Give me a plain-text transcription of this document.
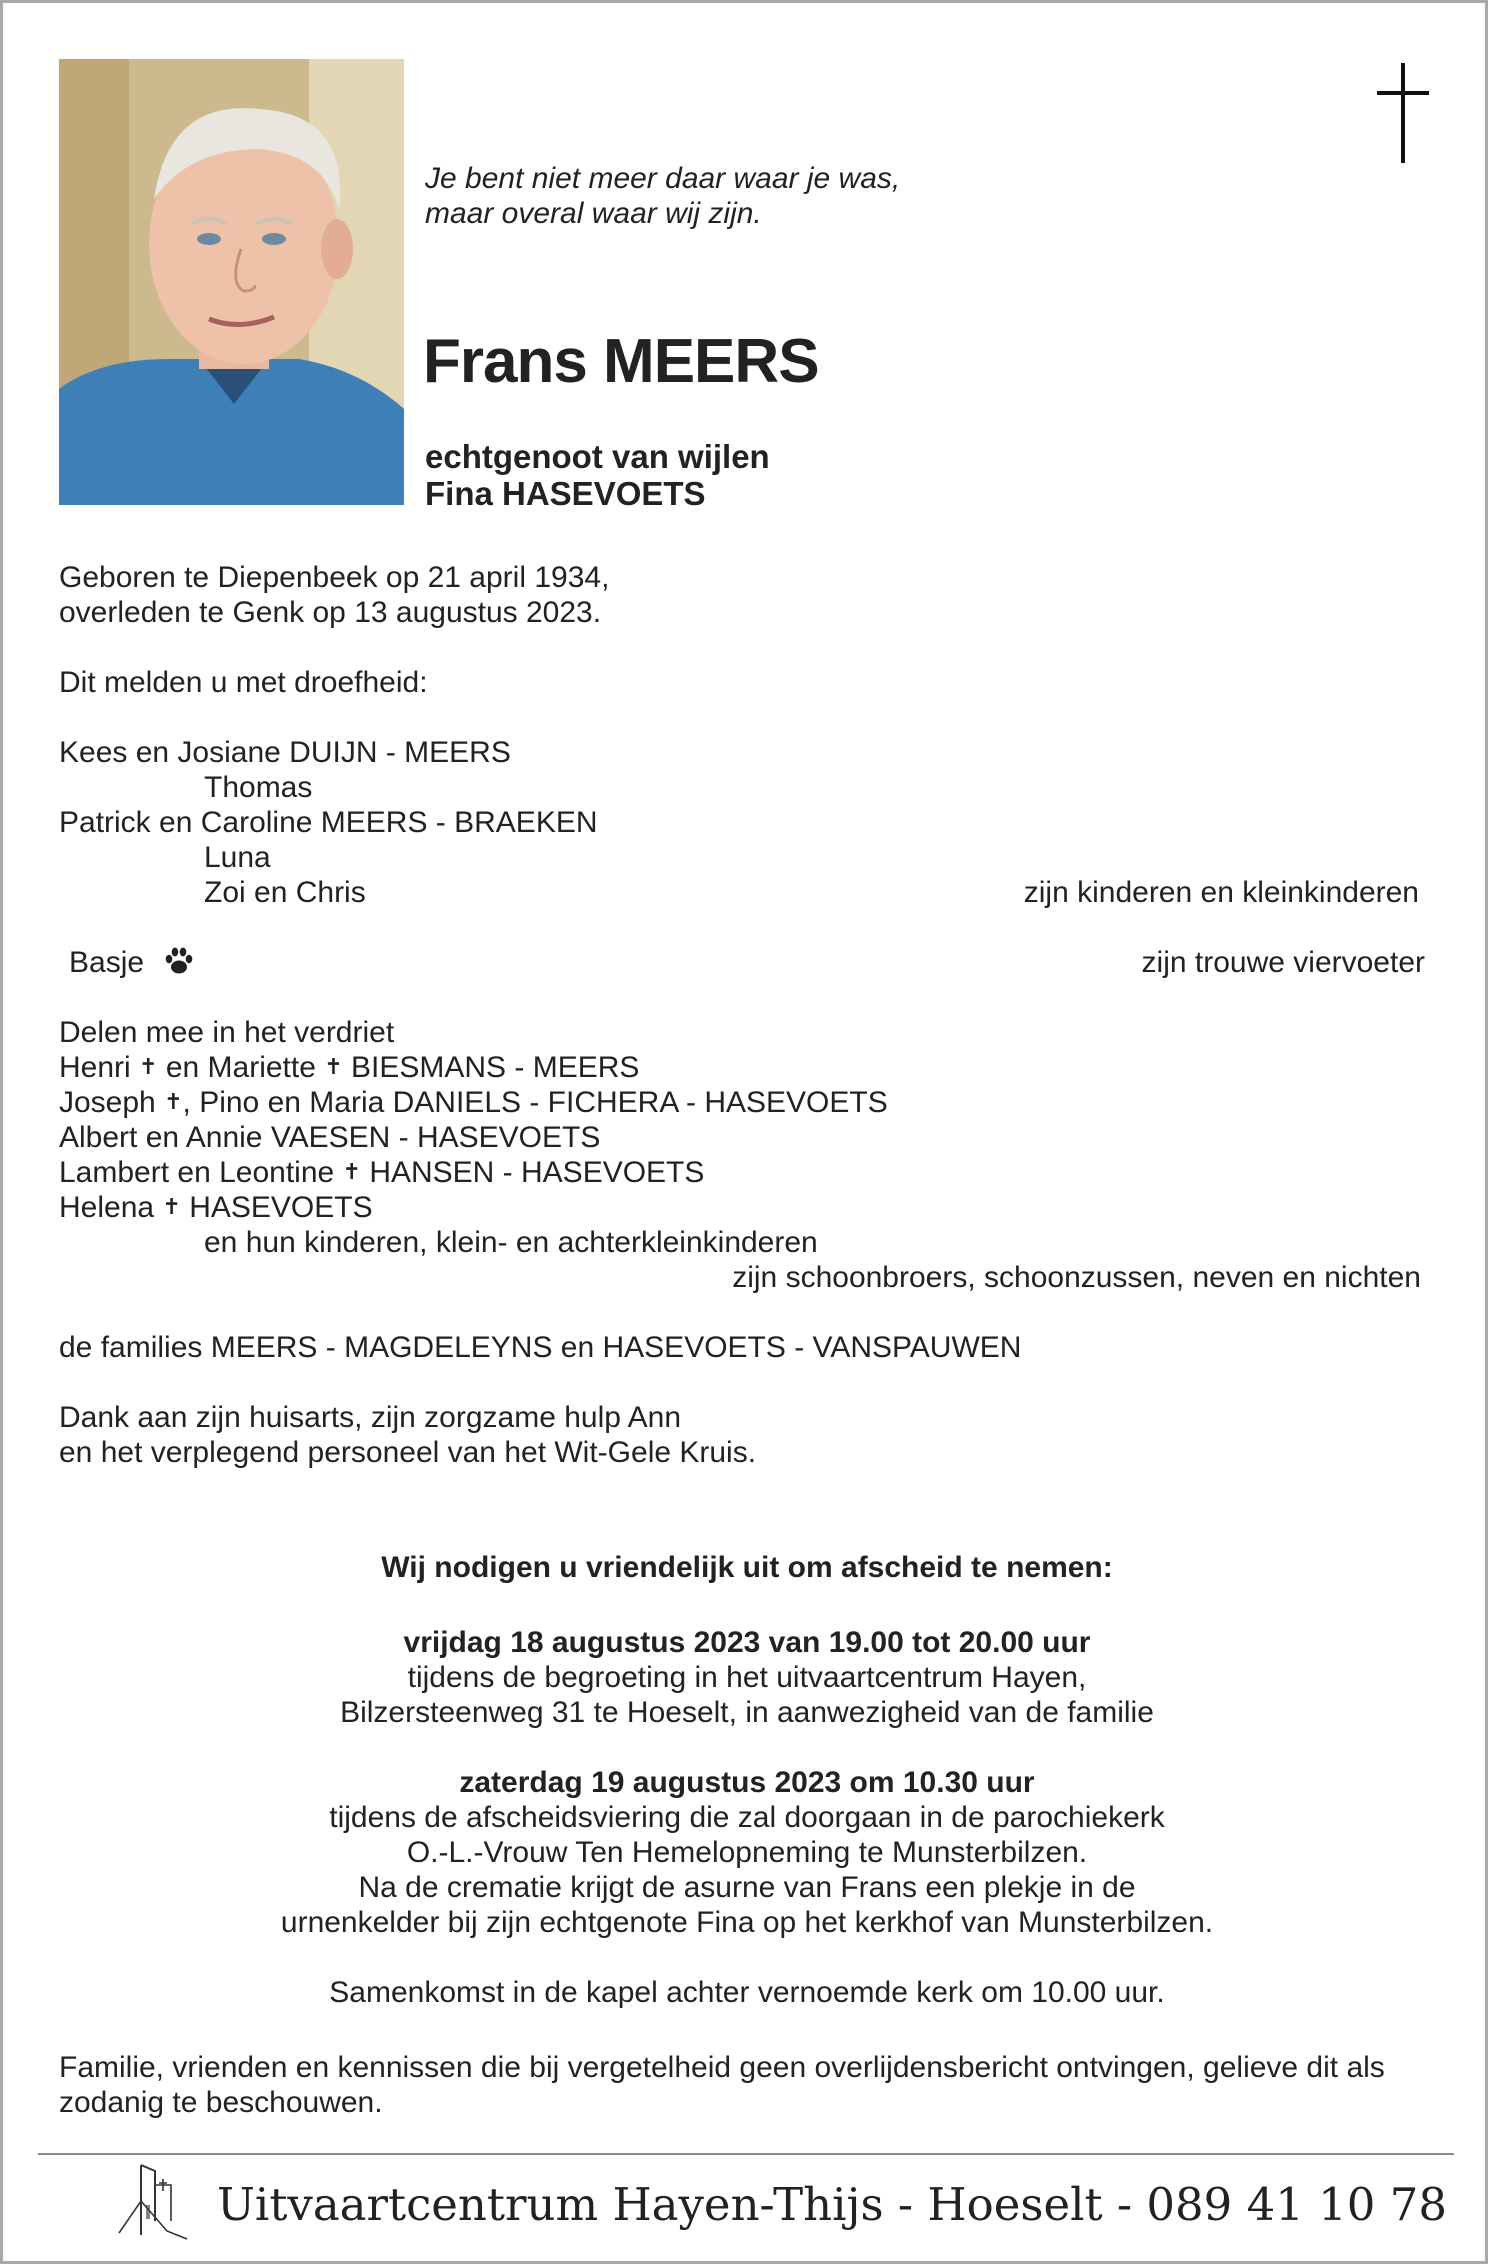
Je bent niet meer daar waar je was,
maar overal waar wij zijn.
Frans MEERS
echtgenoot van wijlen
Fina HASEVOETS
Geboren te Diepenbeek op 21 april 1934,
overleden te Genk op 13 augustus 2023.
Dit melden u met droefheid:
Kees en Josiane DUIJN - MEERS
Thomas
Patrick en Caroline MEERS - BRAEKEN
Luna
Zoi en Chris	zijn kinderen en kleinkinderen
Basje	zijn trouwe viervoeter
Delen mee in het verdriet
Henri ✝ en Mariette ✝ BIESMANS - MEERS
Joseph ✝, Pino en Maria DANIELS - FICHERA - HASEVOETS
Albert en Annie VAESEN - HASEVOETS
Lambert en Leontine ✝ HANSEN - HASEVOETS
Helena ✝ HASEVOETS
en hun kinderen, klein- en achterkleinkinderen
zijn schoonbroers, schoonzussen, neven en nichten
de families MEERS - MAGDELEYNS en HASEVOETS - VANSPAUWEN
Dank aan zijn huisarts, zijn zorgzame hulp Ann
en het verplegend personeel van het Wit-Gele Kruis.
Wij nodigen u vriendelijk uit om afscheid te nemen:
vrijdag 18 augustus 2023 van 19.00 tot 20.00 uur
tijdens de begroeting in het uitvaartcentrum Hayen,
Bilzersteenweg 31 te Hoeselt, in aanwezigheid van de familie
zaterdag 19 augustus 2023 om 10.30 uur
tijdens de afscheidsviering die zal doorgaan in de parochiekerk
O.-L.-Vrouw Ten Hemelopneming te Munsterbilzen.
Na de crematie krijgt de asurne van Frans een plekje in de
urnenkelder bij zijn echtgenote Fina op het kerkhof van Munsterbilzen.
Samenkomst in de kapel achter vernoemde kerk om 10.00 uur.
Familie, vrienden en kennissen die bij vergetelheid geen overlijdensbericht ontvingen, gelieve dit als
zodanig te beschouwen.
Uitvaartcentrum Hayen-Thijs - Hoeselt - 089 41 10 78
